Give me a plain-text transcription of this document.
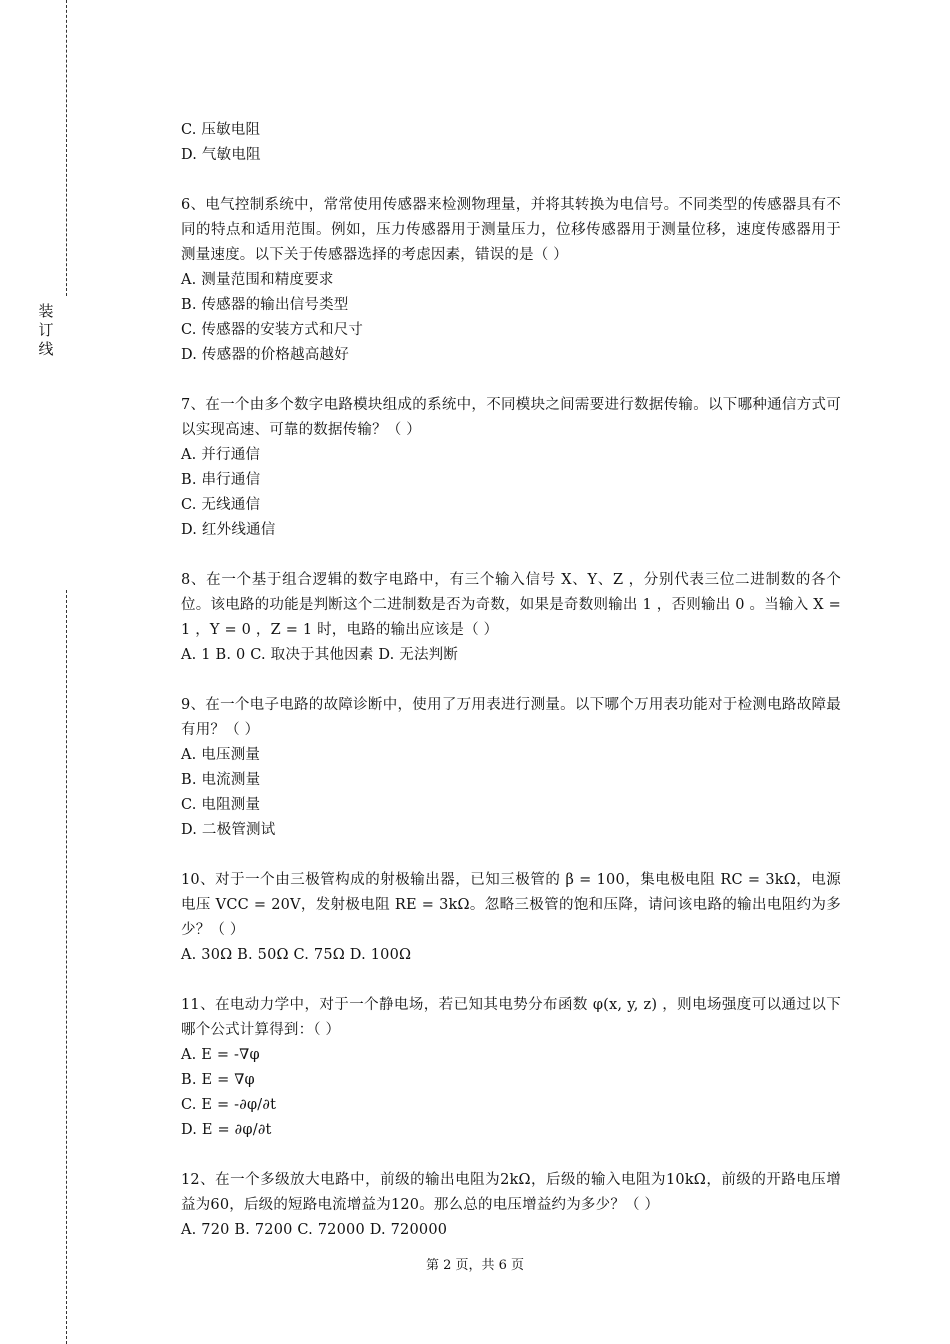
装
订
线
C. 压敏电阻
D. 气敏电阻
6、电气控制系统中，常常使用传感器来检测物理量，并将其转换为电信号。不同类型的传感器具有不同的特点和适用范围。例如，压力传感器用于测量压力，位移传感器用于测量位移，速度传感器用于测量速度。以下关于传感器选择的考虑因素，错误的是（ ）
A. 测量范围和精度要求
B. 传感器的输出信号类型
C. 传感器的安装方式和尺寸
D. 传感器的价格越高越好
7、在一个由多个数字电路模块组成的系统中，不同模块之间需要进行数据传输。以下哪种通信方式可以实现高速、可靠的数据传输？（ ）
A. 并行通信
B. 串行通信
C. 无线通信
D. 红外线通信
8、在一个基于组合逻辑的数字电路中，有三个输入信号 X、Y、Z ，分别代表三位二进制数的各个位。该电路的功能是判断这个二进制数是否为奇数，如果是奇数则输出 1 ，否则输出 0 。当输入 X = 1 ，Y = 0 ，Z = 1 时，电路的输出应该是（ ）
A. 1 B. 0 C. 取决于其他因素 D. 无法判断
9、在一个电子电路的故障诊断中，使用了万用表进行测量。以下哪个万用表功能对于检测电路故障最有用？（ ）
A. 电压测量
B. 电流测量
C. 电阻测量
D. 二极管测试
10、对于一个由三极管构成的射极输出器，已知三极管的 β = 100，集电极电阻 RC = 3kΩ，电源电压 VCC = 20V，发射极电阻 RE = 3kΩ。忽略三极管的饱和压降，请问该电路的输出电阻约为多少？（ ）
A. 30Ω B. 50Ω C. 75Ω D. 100Ω
11、在电动力学中，对于一个静电场，若已知其电势分布函数 φ(x, y, z) ，则电场强度可以通过以下哪个公式计算得到：（ ）
A. E = -∇φ
B. E = ∇φ
C. E = -∂φ/∂t
D. E = ∂φ/∂t
12、在一个多级放大电路中，前级的输出电阻为2kΩ，后级的输入电阻为10kΩ，前级的开路电压增益为60，后级的短路电流增益为120。那么总的电压增益约为多少？（ ）
A. 720 B. 7200 C. 72000 D. 720000
第 2 页，共 6 页
